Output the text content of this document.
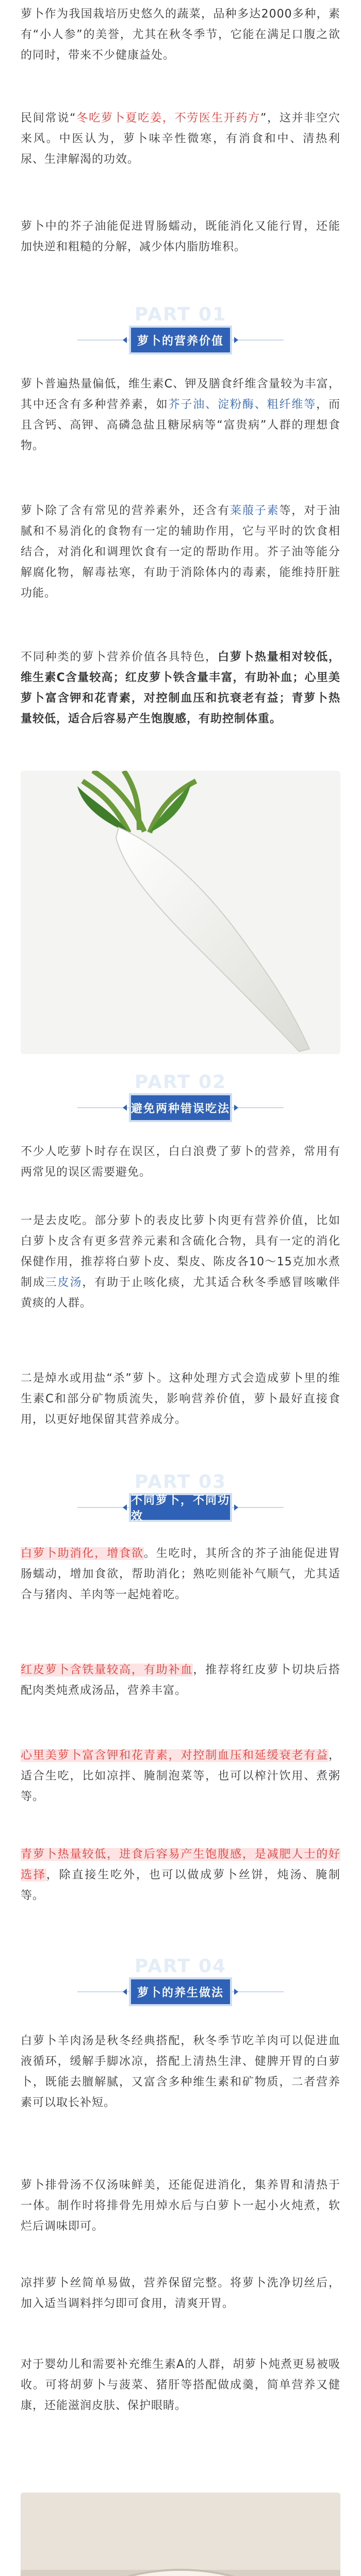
萝卜作为我国栽培历史悠久的蔬菜，品种多达2000多种，素有“小人参”的美誉，尤其在秋冬季节，它能在满足口腹之欲的同时，带来不少健康益处。

民间常说“冬吃萝卜夏吃姜，不劳医生开药方”，这并非空穴来风。中医认为，萝卜味辛性微寒，有消食和中、清热利尿、生津解渴的功效。

萝卜中的芥子油能促进胃肠蠕动，既能消化又能行胃，还能加快逆和粗糙的分解，减少体内脂肪堆积。

PART 01
萝卜的营养价值

萝卜普遍热量偏低，维生素C、钾及膳食纤维含量较为丰富，其中还含有多种营养素，如芥子油、淀粉酶、粗纤维等，而且含钙、高钾、高磷急盐且糖尿病等“富贵病”人群的理想食物。

萝卜除了含有常见的营养素外，还含有莱菔子素等，对于油腻和不易消化的食物有一定的辅助作用，它与平时的饮食相结合，对消化和调理饮食有一定的帮助作用。芥子油等能分解腐化物，解毒祛寒，有助于消除体内的毒素，能维持肝脏功能。

不同种类的萝卜营养价值各具特色，白萝卜热量相对较低，维生素C含量较高；红皮萝卜铁含量丰富，有助补血；心里美萝卜富含钾和花青素，对控制血压和抗衰老有益；青萝卜热量较低，适合后容易产生饱腹感，有助控制体重。

PART 02
避免两种错误吃法

不少人吃萝卜时存在误区，白白浪费了萝卜的营养，常用有两常见的误区需要避免。

一是去皮吃。部分萝卜的表皮比萝卜肉更有营养价值，比如白萝卜皮含有更多营养元素和含硫化合物，具有一定的消化保健作用，推荐将白萝卜皮、梨皮、陈皮各10～15克加水煮制成三皮汤，有助于止咳化痰，尤其适合秋冬季感冒咳嗽伴黄痰的人群。

二是焯水或用盐“杀”萝卜。这种处理方式会造成萝卜里的维生素C和部分矿物质流失，影响营养价值，萝卜最好直接食用，以更好地保留其营养成分。

PART 03
不同萝卜，不同功效

白萝卜助消化，增食欲。生吃时，其所含的芥子油能促进胃肠蠕动，增加食欲，帮助消化；熟吃则能补气顺气，尤其适合与猪肉、羊肉等一起炖着吃。

红皮萝卜含铁量较高，有助补血，推荐将红皮萝卜切块后搭配肉类炖煮成汤品，营养丰富。

心里美萝卜富含钾和花青素，对控制血压和延缓衰老有益，适合生吃，比如凉拌、腌制泡菜等，也可以榨汁饮用、煮粥等。

青萝卜热量较低，进食后容易产生饱腹感，是减肥人士的好选择，除直接生吃外，也可以做成萝卜丝饼，炖汤、腌制等。

PART 04
萝卜的养生做法

白萝卜羊肉汤是秋冬经典搭配，秋冬季节吃羊肉可以促进血液循环，缓解手脚冰凉，搭配上清热生津、健脾开胃的白萝卜，既能去膻解腻，又富含多种维生素和矿物质，二者营养素可以取长补短。

萝卜排骨汤不仅汤味鲜美，还能促进消化，集养胃和清热于一体。制作时将排骨先用焯水后与白萝卜一起小火炖煮，软烂后调味即可。

凉拌萝卜丝简单易做，营养保留完整。将萝卜洗净切丝后，加入适当调料拌匀即可食用，清爽开胃。

对于婴幼儿和需要补充维生素A的人群，胡萝卜炖煮更易被吸收。可将胡萝卜与菠菜、猪肝等搭配做成羹，简单营养又健康，还能滋润皮肤、保护眼睛。
